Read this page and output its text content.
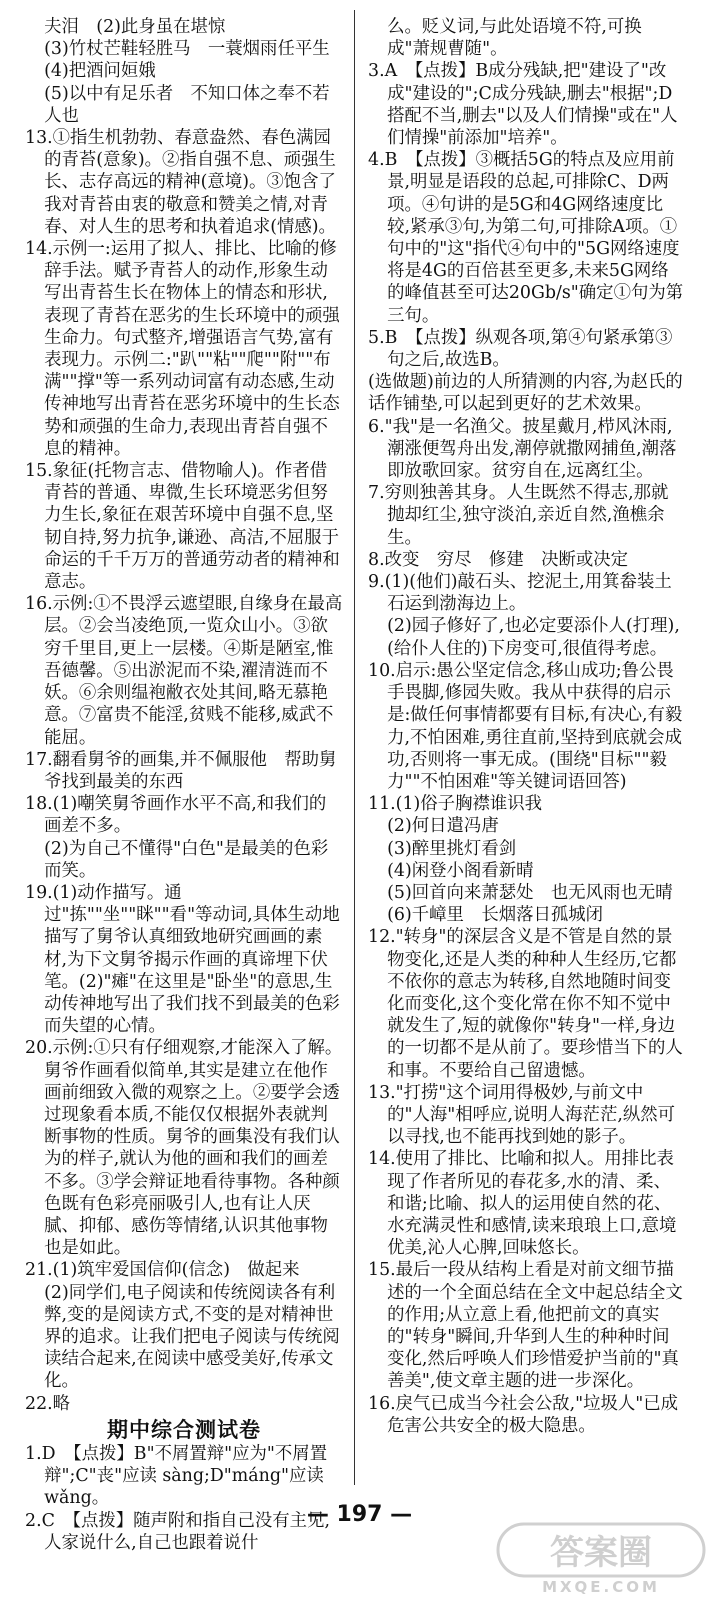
夫泪　(2)此身虽在堪惊

(3)竹杖芒鞋轻胜马　一蓑烟雨任平生　(4)把酒问姮娥

(5)以中有足乐者　不知口体之奉不若人也

13.①指生机勃勃、春意盎然、春色满园的青苔(意象)。②指自强不息、顽强生长、志存高远的精神(意境)。③饱含了我对青苔由衷的敬意和赞美之情,对青春、对人生的思考和执着追求(情感)。

14.示例一:运用了拟人、排比、比喻的修辞手法。赋予青苔人的动作,形象生动写出青苔生长在物体上的情态和形状,表现了青苔在恶劣的生长环境中的顽强生命力。句式整齐,增强语言气势,富有表现力。示例二:"趴""粘""爬""附""布满""撑"等一系列动词富有动态感,生动传神地写出青苔在恶劣环境中的生长态势和顽强的生命力,表现出青苔自强不息的精神。

15.象征(托物言志、借物喻人)。作者借青苔的普通、卑微,生长环境恶劣但努力生长,象征在艰苦环境中自强不息,坚韧自持,努力抗争,谦逊、高洁,不屈服于命运的千千万万的普通劳动者的精神和意志。

16.示例:①不畏浮云遮望眼,自缘身在最高层。②会当凌绝顶,一览众山小。③欲穷千里目,更上一层楼。④斯是陋室,惟吾德馨。⑤出淤泥而不染,濯清涟而不妖。⑥余则缊袍敝衣处其间,略无慕艳意。⑦富贵不能淫,贫贱不能移,威武不能屈。

17.翻看舅爷的画集,并不佩服他　帮助舅爷找到最美的东西

18.(1)嘲笑舅爷画作水平不高,和我们的画差不多。

(2)为自己不懂得"白色"是最美的色彩而笑。

19.(1)动作描写。通过"拣""坐""眯""看"等动词,具体生动地描写了舅爷认真细致地研究画画的素材,为下文舅爷揭示作画的真谛埋下伏笔。(2)"瘫"在这里是"卧坐"的意思,生动传神地写出了我们找不到最美的色彩而失望的心情。

20.示例:①只有仔细观察,才能深入了解。舅爷作画看似简单,其实是建立在他作画前细致入微的观察之上。②要学会透过现象看本质,不能仅仅根据外表就判断事物的性质。舅爷的画集没有我们认为的样子,就认为他的画和我们的画差不多。③学会辩证地看待事物。各种颜色既有色彩亮丽吸引人,也有让人厌腻、抑郁、感伤等情绪,认识其他事物也是如此。

21.(1)筑牢爱国信仰(信念)　做起来

(2)同学们,电子阅读和传统阅读各有利弊,变的是阅读方式,不变的是对精神世界的追求。让我们把电子阅读与传统阅读结合起来,在阅读中感受美好,传承文化。

22.略

期中综合测试卷

1.D　【点拨】B"不屑置辩"应为"不屑置辩";C"丧"应读 sàng;D"máng"应读 wǎng。

2.C　【点拨】随声附和指自己没有主见,人家说什么,自己也跟着说什

么。贬义词,与此处语境不符,可换成"萧规曹随"。

3.A　【点拨】B成分残缺,把"建设了"改成"建设的";C成分残缺,删去"根据";D搭配不当,删去"以及人们情操"或在"人们情操"前添加"培养"。

4.B　【点拨】③概括5G的特点及应用前景,明显是语段的总起,可排除C、D两项。④句讲的是5G和4G网络速度比较,紧承③句,为第二句,可排除A项。①句中的"这"指代④句中的"5G网络速度将是4G的百倍甚至更多,未来5G网络的峰值甚至可达20Gb/s"确定①句为第三句。

5.B　【点拨】纵观各项,第④句紧承第③句之后,故选B。

(选做题)前边的人所猜测的内容,为赵氏的话作铺垫,可以起到更好的艺术效果。

6."我"是一名渔父。披星戴月,栉风沐雨,潮涨便驾舟出发,潮停就撒网捕鱼,潮落即放歌回家。贫穷自在,远离红尘。

7.穷则独善其身。人生既然不得志,那就抛却红尘,独守淡泊,亲近自然,渔樵余生。

8.改变　穷尽　修建　决断或决定

9.(1)(他们)敲石头、挖泥土,用箕畚装土石运到渤海边上。

(2)园子修好了,也必定要添仆人(打理),(给仆人住的)下房变可,很值得考虑。

10.启示:愚公坚定信念,移山成功;鲁公畏手畏脚,修园失败。我从中获得的启示是:做任何事情都要有目标,有决心,有毅力,不怕困难,勇往直前,坚持到底就会成功,否则将一事无成。(围绕"目标""毅力""不怕困难"等关键词语回答)

11.(1)俗子胸襟谁识我

(2)何日遣冯唐

(3)醉里挑灯看剑

(4)闲登小阁看新晴

(5)回首向来萧瑟处　也无风雨也无晴

(6)千嶂里　长烟落日孤城闭

12."转身"的深层含义是不管是自然的景物变化,还是人类的种种人生经历,它都不依你的意志为转移,自然地随时间变化而变化,这个变化常在你不知不觉中就发生了,短的就像你"转身"一样,身边的一切都不是从前了。要珍惜当下的人和事。不要给自己留遗憾。

13."打捞"这个词用得极妙,与前文中的"人海"相呼应,说明人海茫茫,纵然可以寻找,也不能再找到她的影子。

14.使用了排比、比喻和拟人。用排比表现了作者所见的春花多,水的清、柔、和谐;比喻、拟人的运用使自然的花、水充满灵性和感情,读来琅琅上口,意境优美,沁人心脾,回味悠长。

15.最后一段从结构上看是对前文细节描述的一个全面总结在全文中起总结全文的作用;从立意上看,他把前文的真实的"转身"瞬间,升华到人生的种种时间变化,然后呼唤人们珍惜爱护当前的"真善美",使文章主题的进一步深化。

16.戾气已成当今社会公敌,"垃圾人"已成危害公共安全的极大隐患。

— 197 —
答案圈
MXQE.COM
